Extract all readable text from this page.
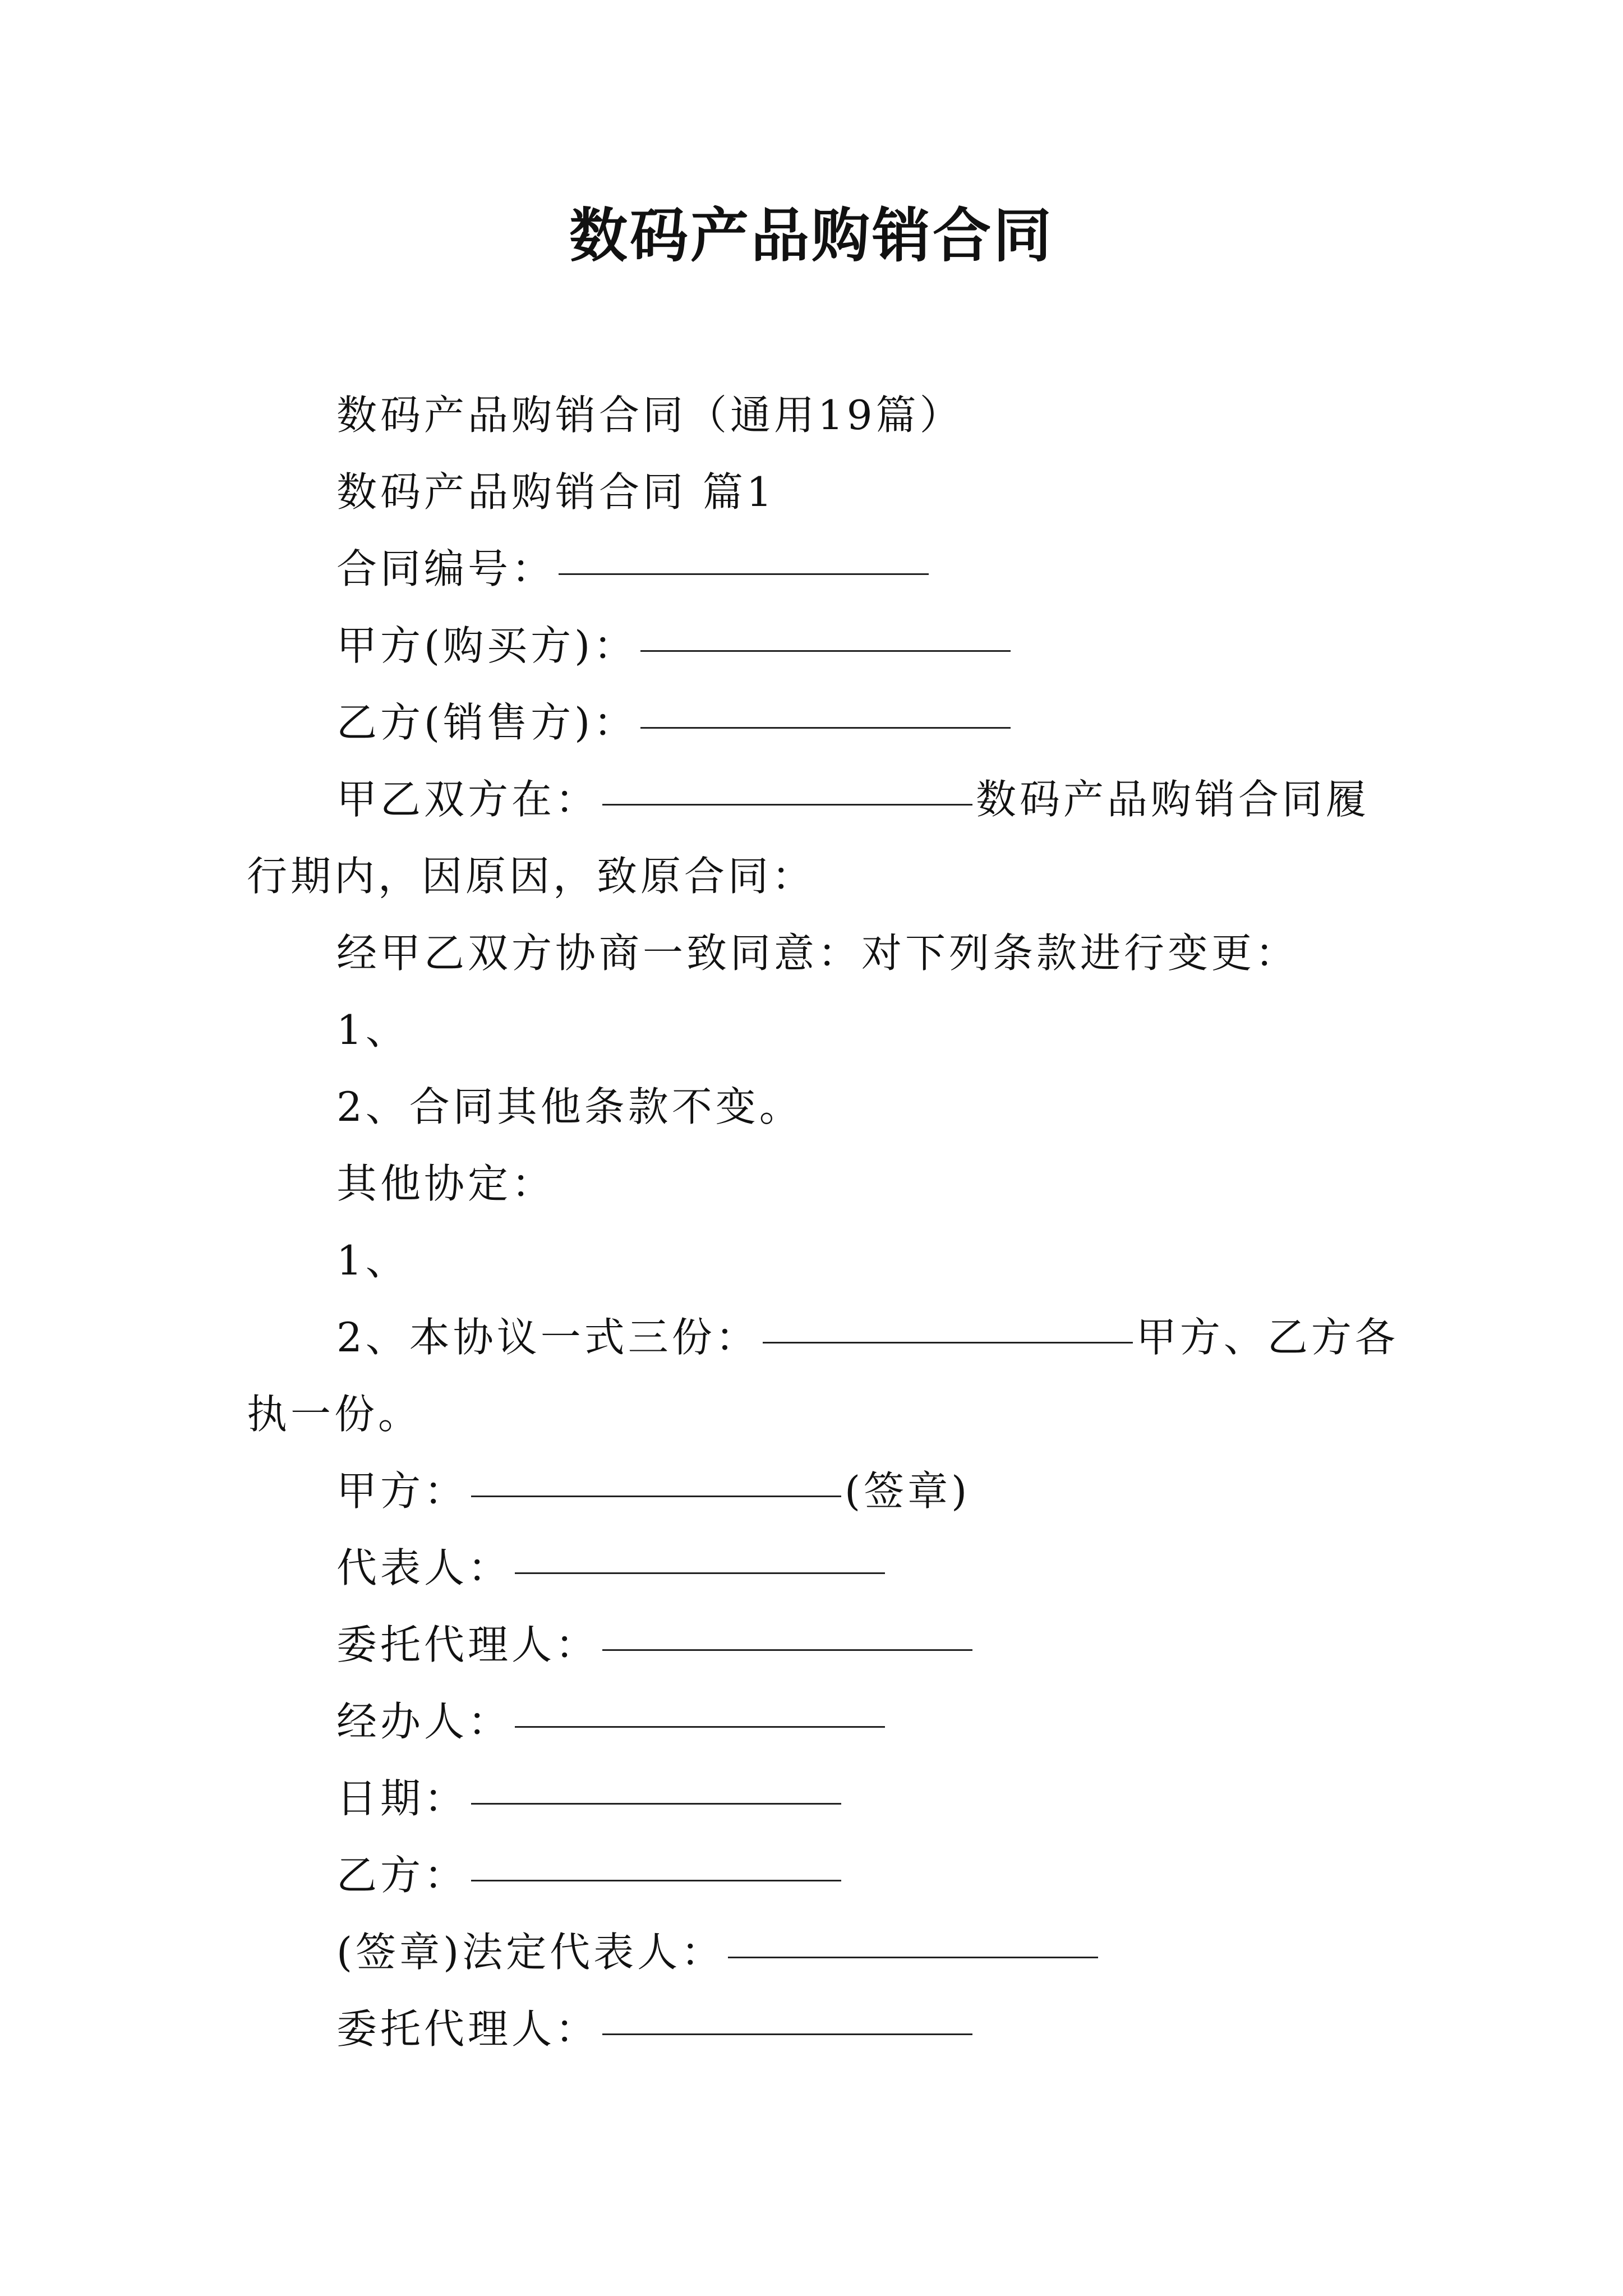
数码产品购销合同
数码产品购销合同（通用19篇）
数码产品购销合同 篇1
合同编号：
甲方(购买方)：
乙方(销售方)：
甲乙双方在：	数码产品购销合同履
行期内，因原因，致原合同：
经甲乙双方协商一致同意：对下列条款进行变更：
1、
2、合同其他条款不变。
其他协定：
1、
2、本协议一式三份：	甲方、乙方各
执一份。
甲方：	(签章)
代表人：
委托代理人：
经办人：
日期：
乙方：
(签章)法定代表人：
委托代理人：
